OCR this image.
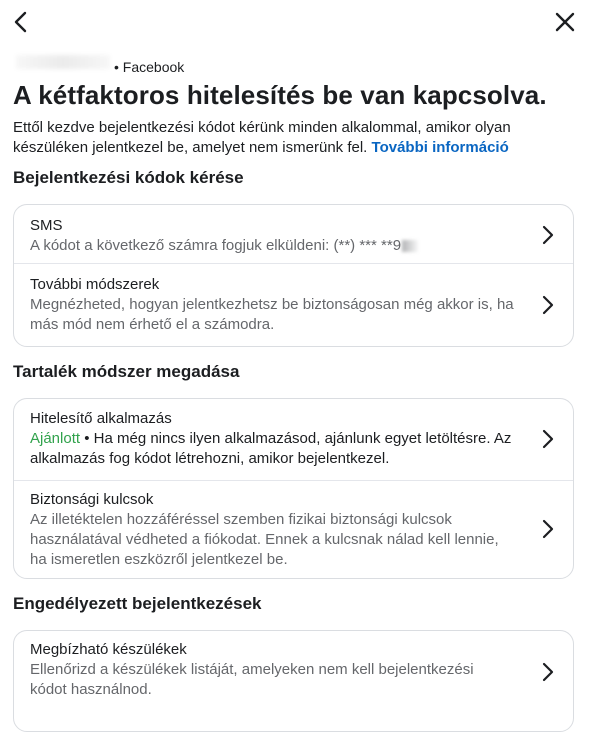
• Facebook
A kétfaktoros hitelesítés be van kapcsolva.
Ettől kezdve bejelentkezési kódot kérünk minden alkalommal, amikor olyan készüléken jelentkezel be, amelyet nem ismerünk fel. További információ
Bejelentkezési kódok kérése
SMS
A kódot a következő számra fogjuk elküldeni: (**) *** **9
További módszerek
Megnézheted, hogyan jelentkezhetsz be biztonságosan még akkor is, ha más mód nem érhető el a számodra.
Tartalék módszer megadása
Hitelesítő alkalmazás
Ajánlott • Ha még nincs ilyen alkalmazásod, ajánlunk egyet letöltésre. Az alkalmazás fog kódot létrehozni, amikor bejelentkezel.
Biztonsági kulcsok
Az illetéktelen hozzáféréssel szemben fizikai biztonsági kulcsok használatával védheted a fiókodat. Ennek a kulcsnak nálad kell lennie, ha ismeretlen eszközről jelentkezel be.
Engedélyezett bejelentkezések
Megbízható készülékek
Ellenőrizd a készülékek listáját, amelyeken nem kell bejelentkezési kódot használnod.
